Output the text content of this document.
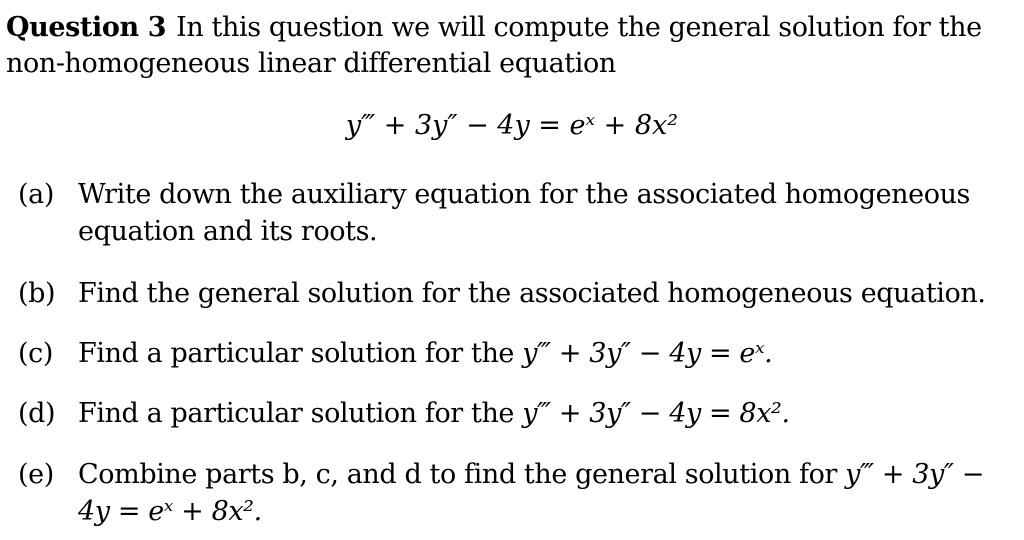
Question 3 In this question we will compute the general solution for the non-homogeneous linear differential equation
y‴ + 3y″ − 4y = eˣ + 8x²
(a) Write down the auxiliary equation for the associated homogeneous equation and its roots.
(b) Find the general solution for the associated homogeneous equation.
(c) Find a particular solution for the y‴ + 3y″ − 4y = eˣ.
(d) Find a particular solution for the y‴ + 3y″ − 4y = 8x².
(e) Combine parts b, c, and d to find the general solution for y‴ + 3y″ − 4y = eˣ + 8x².
